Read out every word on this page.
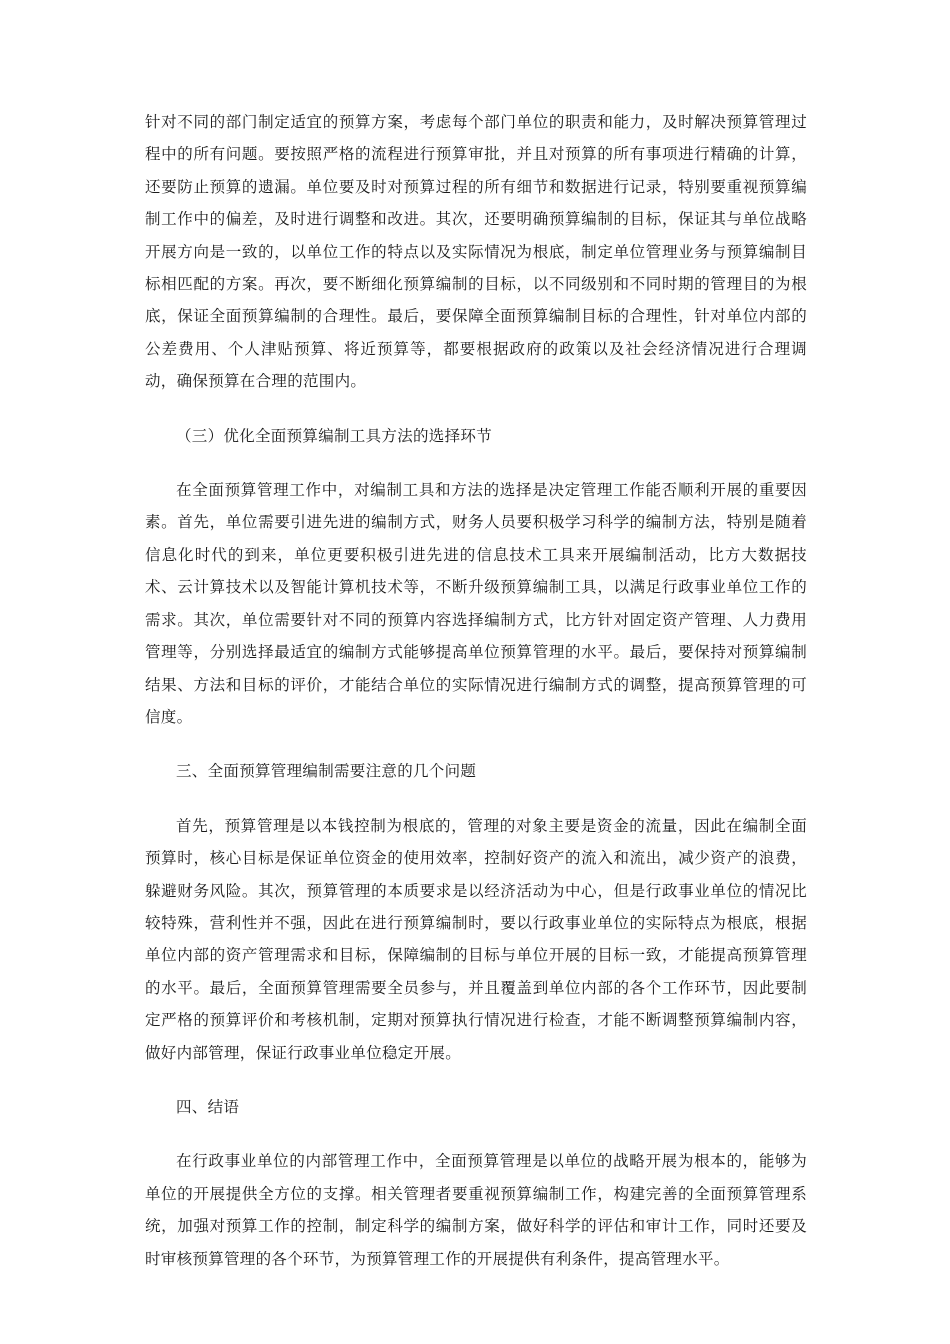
针对不同的部门制定适宜的预算方案，考虑每个部门单位的职责和能力，及时解决预算管理过程中的所有问题。要按照严格的流程进行预算审批，并且对预算的所有事项进行精确的计算，还要防止预算的遗漏。单位要及时对预算过程的所有细节和数据进行记录，特别要重视预算编制工作中的偏差，及时进行调整和改进。其次，还要明确预算编制的目标，保证其与单位战略开展方向是一致的，以单位工作的特点以及实际情况为根底，制定单位管理业务与预算编制目标相匹配的方案。再次，要不断细化预算编制的目标，以不同级别和不同时期的管理目的为根底，保证全面预算编制的合理性。最后，要保障全面预算编制目标的合理性，针对单位内部的公差费用、个人津贴预算、将近预算等，都要根据政府的政策以及社会经济情况进行合理调动，确保预算在合理的范围内。

（三）优化全面预算编制工具方法的选择环节

在全面预算管理工作中，对编制工具和方法的选择是决定管理工作能否顺利开展的重要因素。首先，单位需要引进先进的编制方式，财务人员要积极学习科学的编制方法，特别是随着信息化时代的到来，单位更要积极引进先进的信息技术工具来开展编制活动，比方大数据技术、云计算技术以及智能计算机技术等，不断升级预算编制工具，以满足行政事业单位工作的需求。其次，单位需要针对不同的预算内容选择编制方式，比方针对固定资产管理、人力费用管理等，分别选择最适宜的编制方式能够提高单位预算管理的水平。最后，要保持对预算编制结果、方法和目标的评价，才能结合单位的实际情况进行编制方式的调整，提高预算管理的可信度。

三、全面预算管理编制需要注意的几个问题

首先，预算管理是以本钱控制为根底的，管理的对象主要是资金的流量，因此在编制全面预算时，核心目标是保证单位资金的使用效率，控制好资产的流入和流出，减少资产的浪费，躲避财务风险。其次，预算管理的本质要求是以经济活动为中心，但是行政事业单位的情况比较特殊，营利性并不强，因此在进行预算编制时，要以行政事业单位的实际特点为根底，根据单位内部的资产管理需求和目标，保障编制的目标与单位开展的目标一致，才能提高预算管理的水平。最后，全面预算管理需要全员参与，并且覆盖到单位内部的各个工作环节，因此要制定严格的预算评价和考核机制，定期对预算执行情况进行检查，才能不断调整预算编制内容，做好内部管理，保证行政事业单位稳定开展。

四、结语

在行政事业单位的内部管理工作中，全面预算管理是以单位的战略开展为根本的，能够为单位的开展提供全方位的支撑。相关管理者要重视预算编制工作，构建完善的全面预算管理系统，加强对预算工作的控制，制定科学的编制方案，做好科学的评估和审计工作，同时还要及时审核预算管理的各个环节，为预算管理工作的开展提供有利条件，提高管理水平。
